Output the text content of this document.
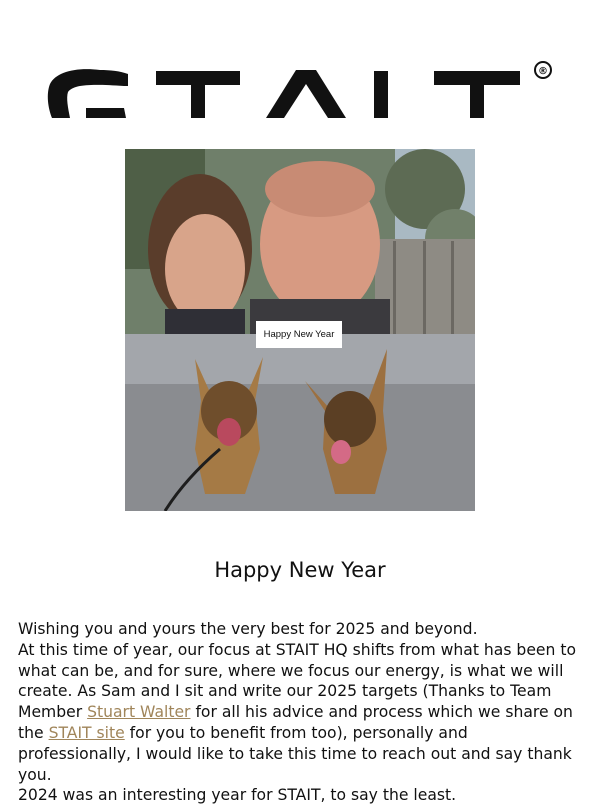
®
Happy New Year
Happy New Year

Wishing you and yours the very best for 2025 and beyond.

At this time of year, our focus at STAIT HQ shifts from what has been to what can be, and for sure, where we focus our energy, is what we will create. As Sam and I sit and write our 2025 targets (Thanks to Team Member Stuart Walter for all his advice and process which we share on the STAIT site for you to benefit from too), personally and professionally, I would like to take this time to reach out and say thank you.

2024 was an interesting year for STAIT, to say the least.
